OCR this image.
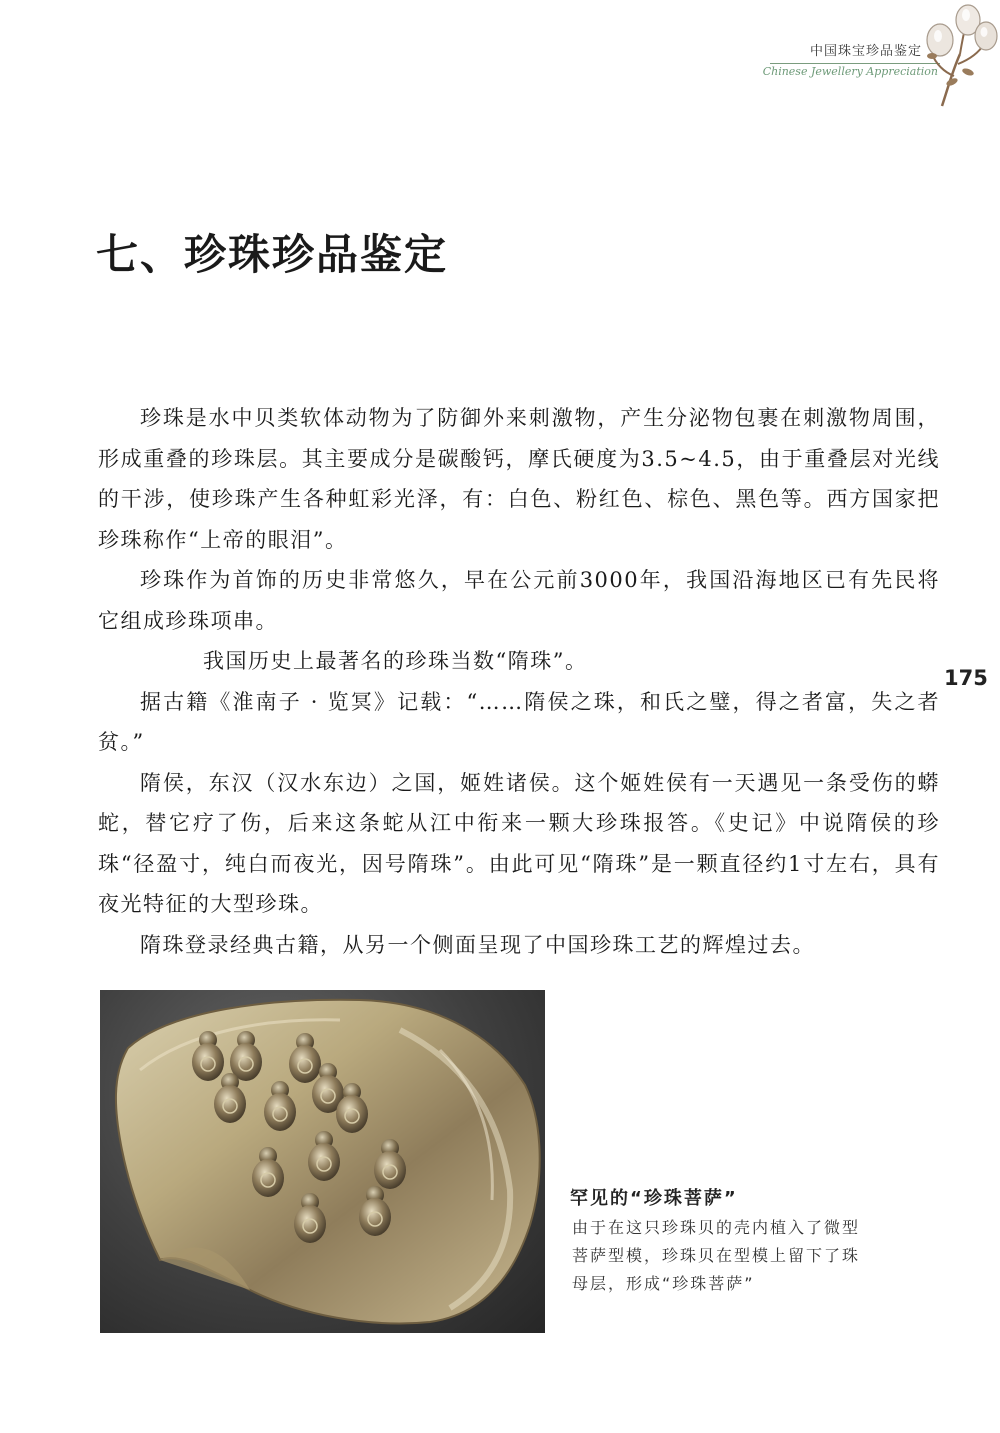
中国珠宝珍品鉴定
Chinese Jewellery Appreciation
七、珍珠珍品鉴定

珍珠是水中贝类软体动物为了防御外来刺激物，产生分泌物包裹在刺激物周围，形成重叠的珍珠层。其主要成分是碳酸钙，摩氏硬度为3.5~4.5，由于重叠层对光线的干涉，使珍珠产生各种虹彩光泽，有：白色、粉红色、棕色、黑色等。西方国家把珍珠称作“上帝的眼泪”。

珍珠作为首饰的历史非常悠久，早在公元前3000年，我国沿海地区已有先民将它组成珍珠项串。

我国历史上最著名的珍珠当数“隋珠”。

据古籍《淮南子 · 览冥》记载：“……隋侯之珠，和氏之璧，得之者富，失之者贫。”

隋侯，东汉（汉水东边）之国，姬姓诸侯。这个姬姓侯有一天遇见一条受伤的蟒蛇，替它疗了伤，后来这条蛇从江中衔来一颗大珍珠报答。《史记》中说隋侯的珍珠“径盈寸，纯白而夜光，因号隋珠”。由此可见“隋珠”是一颗直径约1寸左右，具有夜光特征的大型珍珠。

隋珠登录经典古籍，从另一个侧面呈现了中国珍珠工艺的辉煌过去。

175
罕见的“珍珠菩萨”

由于在这只珍珠贝的壳内植入了微型菩萨型模，珍珠贝在型模上留下了珠母层，形成“珍珠菩萨”
